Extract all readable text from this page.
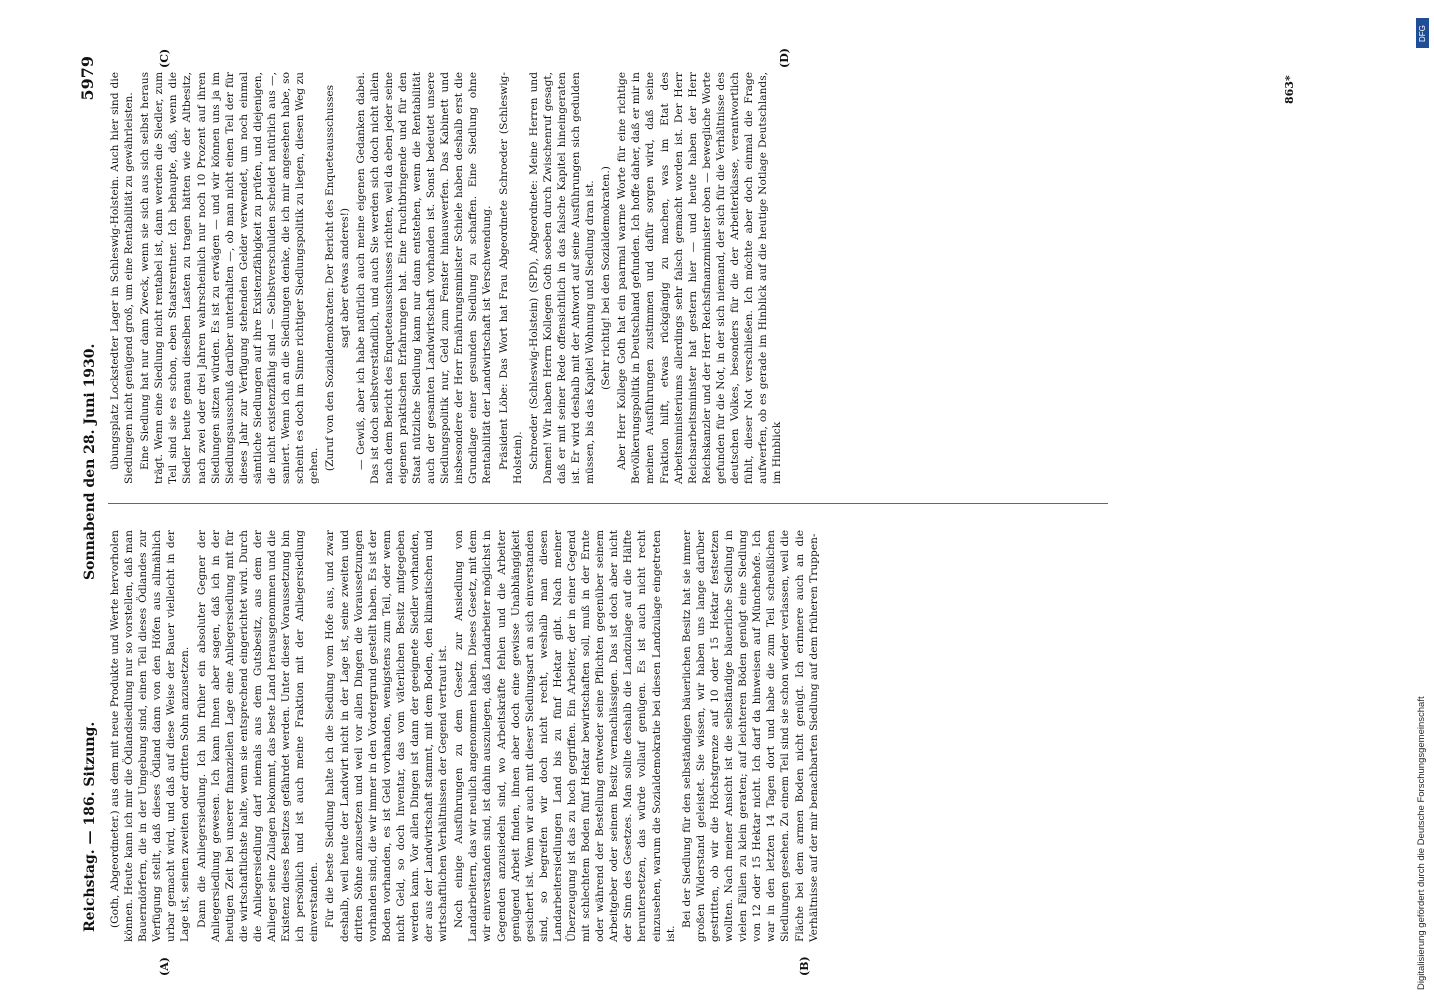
Reichstag. — 186. Sitzung.
Sonnabend den 28. Juni 1930.
5979
(A)	(B)
(C)	(D)

(Goth, Abgeordneter.) aus dem mit neue Produkte und Werte hervorholen können. Heute kann ich mir die Ödlandsiedlung nur so vorstellen, daß man Bauerndörfern, die in der Umgebung sind, einen Teil dieses Ödlandes zur Verfügung stellt, daß dieses Ödland dann von den Höfen aus allmählich urbar gemacht wird, und daß auf diese Weise der Bauer vielleicht in der Lage ist, seinen zweiten oder dritten Sohn anzusetzen. Dann die Anliegersiedlung. Ich bin früher ein absoluter Gegner der Anliegersiedlung gewesen. Ich kann Ihnen aber sagen, daß ich in der heutigen Zeit bei unserer finanziellen Lage eine Anliegersiedlung mit für die wirtschaftlichste halte, wenn sie entsprechend eingerichtet wird. Durch die Anliegersiedlung darf niemals aus dem Gutsbesitz, aus dem der Anlieger seine Zulagen bekommt, das beste Land herausgenommen und die Existenz dieses Besitzes gefährdet werden. Unter dieser Voraussetzung bin ich persönlich und ist auch meine Fraktion mit der Anliegersiedlung einverstanden. Für die beste Siedlung halte ich die Siedlung vom Hofe aus, und zwar deshalb, weil heute der Landwirt nicht in der Lage ist, seine zweiten und dritten Söhne anzusetzen und weil vor allen Dingen die Voraussetzungen vorhanden sind, die wir immer in den Vordergrund gestellt haben. Es ist der Boden vorhanden, es ist Geld vorhanden, wenigstens zum Teil, oder wenn nicht Geld, so doch Inventar, das vom väterlichen Besitz mitgegeben werden kann. Vor allen Dingen ist dann der geeignete Siedler vorhanden, der aus der Landwirtschaft stammt, mit dem Boden, den klimatischen und wirtschaftlichen Verhältnissen der Gegend vertraut ist. Noch einige Ausführungen zu dem Gesetz zur Ansiedlung von Landarbeitern, das wir neulich angenommen haben. Dieses Gesetz, mit dem wir einverstanden sind, ist dahin auszulegen, daß Landarbeiter möglichst in Gegenden anzusiedeln sind, wo Arbeitskräfte fehlen und die Arbeiter genügend Arbeit finden, ihnen aber doch eine gewisse Unabhängigkeit gesichert ist. Wenn wir auch mit dieser Siedlungsart an sich einverstanden sind, so begreifen wir doch nicht recht, weshalb man diesen Landarbeitersiedlungen Land bis zu fünf Hektar gibt. Nach meiner Überzeugung ist das zu hoch gegriffen. Ein Arbeiter, der in einer Gegend mit schlechtem Boden fünf Hektar bewirtschaften soll, muß in der Ernte oder während der Bestellung entweder seine Pflichten gegenüber seinem Arbeitgeber oder seinem Besitz vernachlässigen. Das ist doch aber nicht der Sinn des Gesetzes. Man sollte deshalb die Landzulage auf die Hälfte heruntersetzen, das würde vollauf genügen. Es ist auch nicht recht einzusehen, warum die Sozialdemokratie bei diesen Landzulage eingetreten ist.

Bei der Siedlung für den selbständigen bäuerlichen Besitz hat sie immer großen Widerstand geleistet. Sie wissen, wir haben uns lange darüber gestritten, ob wir die Höchstgrenze auf 10 oder 15 Hektar festsetzen wollten. Nach meiner Ansicht ist die selbständige bäuerliche Siedlung in vielen Fällen zu klein geraten; auf leichteren Böden genügt eine Siedlung von 12 oder 15 Hektar nicht. Ich darf da hinweisen auf Münchehofe. Ich war in den letzten 14 Tagen dort und habe die zum Teil scheußlichen Siedlungen gesehen. Zu einem Teil sind sie schon wieder verlassen, weil die Fläche bei dem armen Boden nicht genügt. Ich erinnere auch an die Verhältnisse auf der mir benachbarten Siedlung auf dem früheren Truppen-

übungsplatz Lockstedter Lager in Schleswig-Holstein. Auch hier sind die Siedlungen nicht genügend groß, um eine Rentabilität zu gewährleisten. Eine Siedlung hat nur dann Zweck, wenn sie sich aus sich selbst heraus trägt. Wenn eine Siedlung nicht rentabel ist, dann werden die Siedler, zum Teil sind sie es schon, eben Staatsrentner. Ich behaupte, daß, wenn die Siedler heute genau dieselben Lasten zu tragen hätten wie der Altbesitz, nach zwei oder drei Jahren wahrscheinlich nur noch 10 Prozent auf ihren Siedlungen sitzen würden. Es ist zu erwägen — und wir können uns ja im Siedlungsausschuß darüber unterhalten —, ob man nicht einen Teil der für dieses Jahr zur Verfügung stehenden Gelder verwendet, um noch einmal sämtliche Siedlungen auf ihre Existenzfähigkeit zu prüfen, und diejenigen, die nicht existenzfähig sind — Selbstverschulden scheidet natürlich aus —, saniert. Wenn ich an die Siedlungen denke, die ich mir angesehen habe, so scheint es doch im Sinne richtiger Siedlungspolitik zu liegen, diesen Weg zu gehen. (Zuruf von den Sozialdemokraten: Der Bericht des Enqueteausschusses sagt aber etwas anderes!) — Gewiß, aber ich habe natürlich auch meine eigenen Gedanken dabei. Das ist doch selbstverständlich, und auch Sie werden sich doch nicht allein nach dem Bericht des Enqueteausschusses richten, weil da eben jeder seine eigenen praktischen Erfahrungen hat. Eine fruchtbringende und für den Staat nützliche Siedlung kann nur dann entstehen, wenn die Rentabilität auch der gesamten Landwirtschaft vorhanden ist. Sonst bedeutet unsere Siedlungspolitik nur, Geld zum Fenster hinauswerfen. Das Kabinett und insbesondere der Herr Ernährungsminister Schiele haben deshalb erst die Grundlage einer gesunden Siedlung zu schaffen. Eine Siedlung ohne Rentabilität der Landwirtschaft ist Verschwendung. Präsident Löbe: Das Wort hat Frau Abgeordnete Schroeder (Schleswig-Holstein). Schroeder (Schleswig-Holstein) (SPD), Abgeordnete: Meine Herren und Damen! Wir haben Herrn Kollegen Goth soeben durch Zwischenruf gesagt, daß er mit seiner Rede offensichtlich in das falsche Kapitel hineingeraten ist. Er wird deshalb mit der Antwort auf seine Ausführungen sich gedulden müssen, bis das Kapitel Wohnung und Siedlung dran ist. (Sehr richtig! bei den Sozialdemokraten.) Aber Herr Kollege Goth hat ein paarmal warme Worte für eine richtige Bevölkerungspolitik in Deutschland gefunden. Ich hoffe daher, daß er mir in meinen Ausführungen zustimmen und dafür sorgen wird, daß seine Fraktion hilft, etwas rückgängig zu machen, was im Etat des Arbeitsministeriums allerdings sehr falsch gemacht worden ist. Der Herr Reichsarbeitsminister hat gestern hier — und heute haben der Herr Reichskanzler und der Herr Reichsfinanzminister oben — bewegliche Worte gefunden für die Not, in der sich niemand, der sich für die Verhältnisse des deutschen Volkes, besonders für die der Arbeiterklasse, verantwortlich fühlt, dieser Not verschließen. Ich möchte aber doch einmal die Frage aufwerfen, ob es gerade im Hinblick auf die heutige Notlage Deutschlands, im Hinblick

863*
DFG
Digitalisierung gefördert durch die Deutsche Forschungsgemeinschaft
